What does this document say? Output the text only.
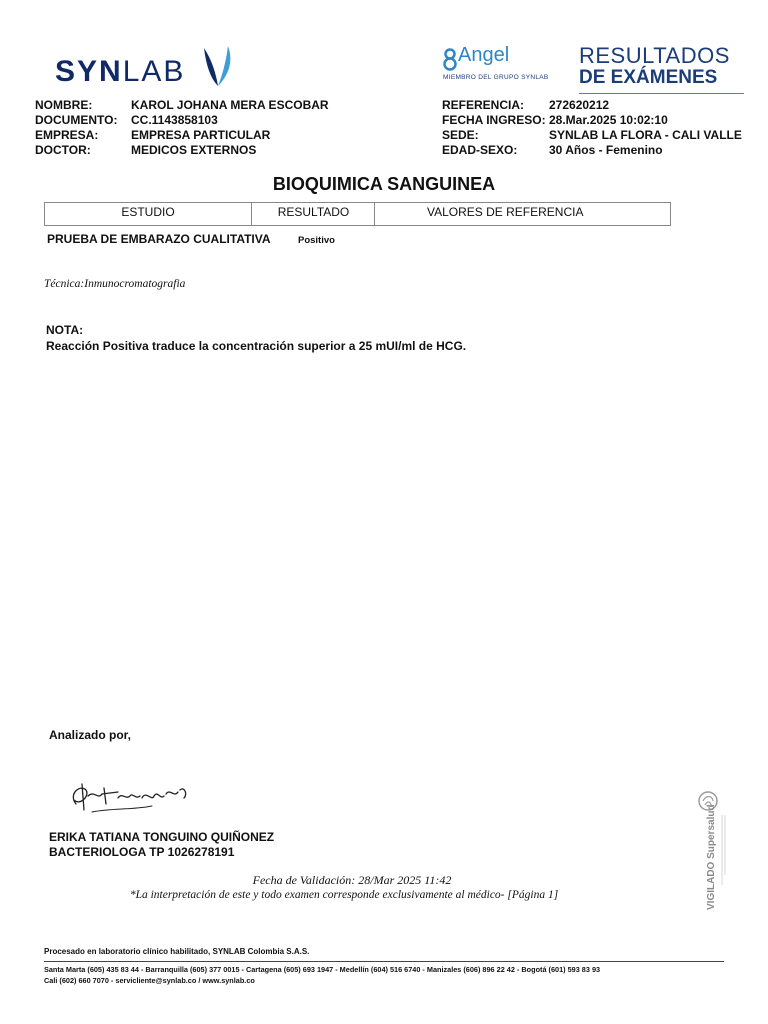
SYNLAB	Angel
MIEMBRO DEL GRUPO SYNLAB
RESULTADOS
DE EXÁMENES
NOMBRE:	KAROL JOHANA MERA ESCOBAR
DOCUMENTO: CC.1143858103
EMPRESA:	EMPRESA PARTICULAR
DOCTOR:	MEDICOS EXTERNOS
REFERENCIA: 272620212
FECHA INGRESO: 28.Mar.2025 10:02:10
SEDE:	SYNLAB LA FLORA - CALI VALLE
EDAD-SEXO:	30 Años - Femenino
BIOQUIMICA SANGUINEA
ESTUDIO	RESULTADO	VALORES DE REFERENCIA
PRUEBA DE EMBARAZO CUALITATIVA	Positivo
Técnica:Inmunocromatografia
NOTA:
Reacción Positiva traduce la concentración superior a 25 mUI/ml de HCG.
Analizado por,
ERIKA TATIANA TONGUINO QUIÑONEZ
BACTERIOLOGA TP 1026278191
Fecha de Validación: 28/Mar 2025 11:42
*La interpretación de este y todo examen corresponde exclusivamente al médico- [Página 1]	VIGILADO Supersalud
Procesado en laboratorio clínico habilitado, SYNLAB Colombia S.A.S.
Santa Marta (605) 435 83 44 - Barranquilla (605) 377 0015 - Cartagena (605) 693 1947 - Medellín (604) 516 6740 - Manizales (606) 896 22 42 - Bogotá (601) 593 83 93
Cali (602) 660 7070 - servicliente@synlab.co / www.synlab.co
